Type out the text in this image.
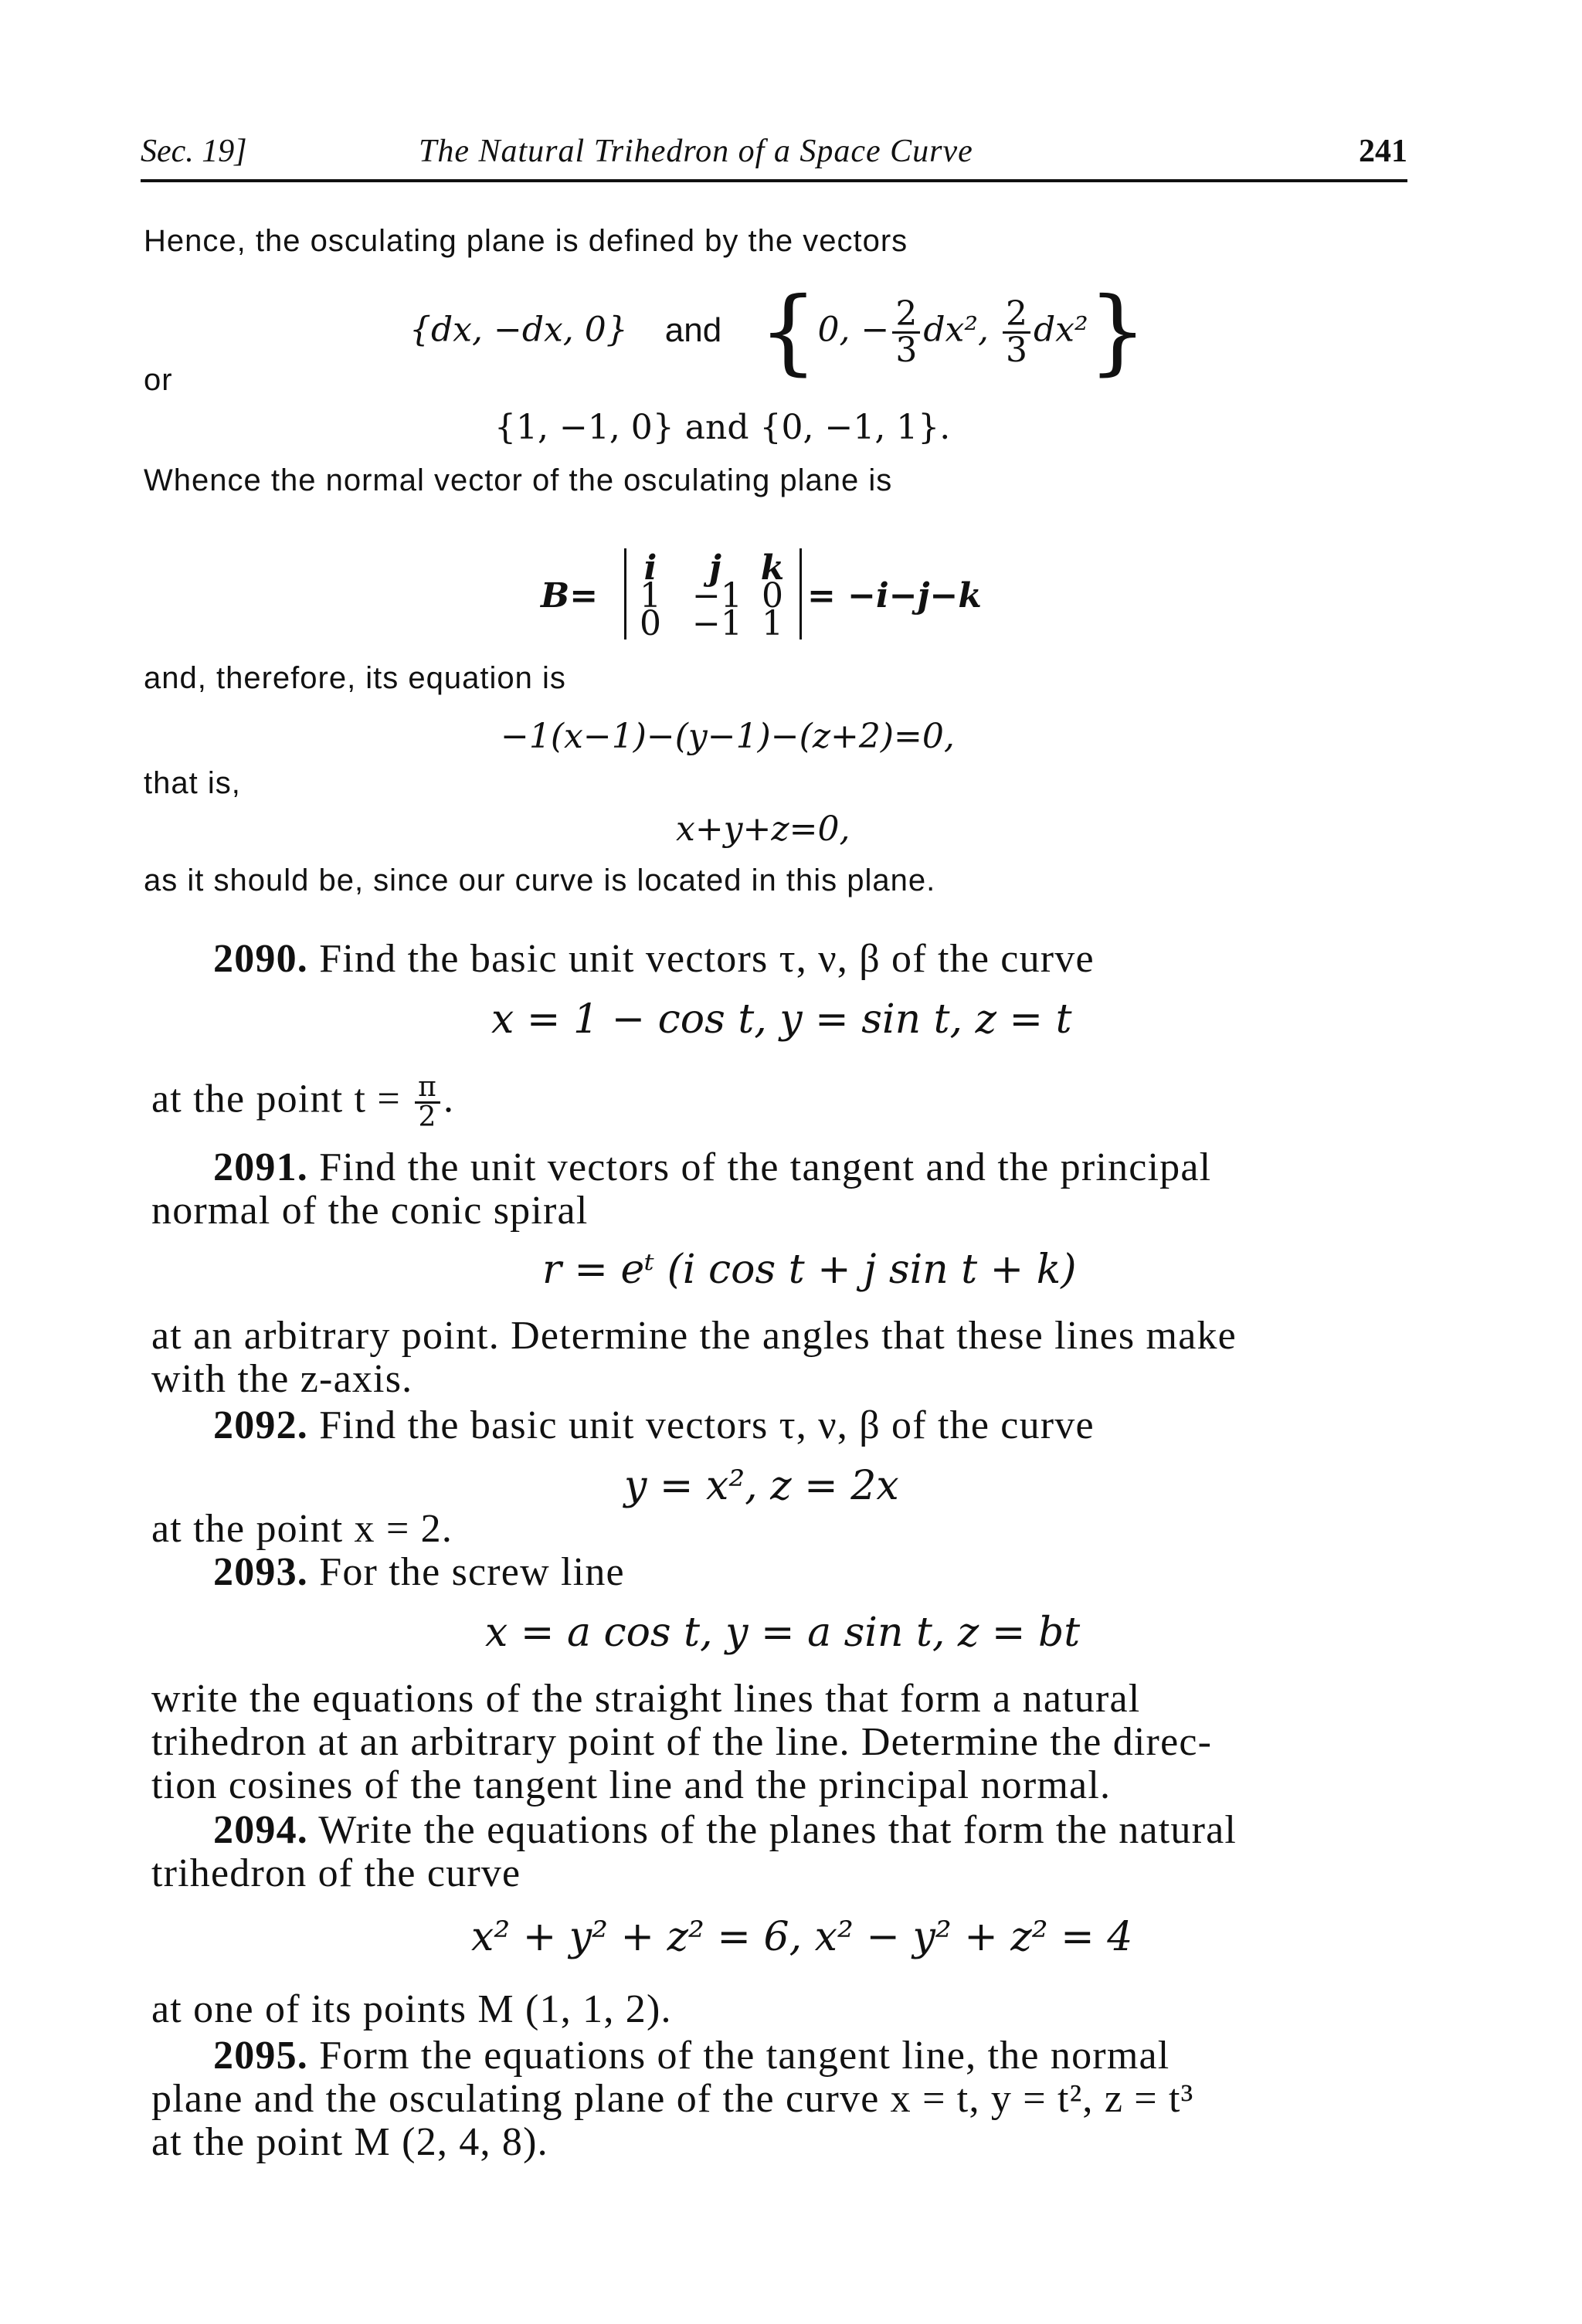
Sec. 19]	The Natural Trihedron of a Space Curve	241
Hence, the osculating plane is defined by the vectors
{dx, −dx, 0} and {0, − $\frac{2}{3} dx^2$, $\frac{2}{3} dx^2$}
or
{1, −1, 0} and {0, −1, 1}.
Whence the normal vector of the osculating plane is
B=
i	j	k
1 −1 0
0 −1 1
= −i−j−k
and, therefore, its equation is
−1(x−1)−(y−1)−(z+2)=0,
that is,
x+y+z=0,
as it should be, since our curve is located in this plane.
2090. Find the basic unit vectors τ, ν, β of the curve
x = 1 − cos t, y = sin t, z = t
at the point $t = \frac{\pi}{2}$ .
2091. Find the unit vectors of the tangent and the principal
normal of the conic spiral
r = eᵗ (i cos t + j sin t + k)
at an arbitrary point. Determine the angles that these lines make
with the z-axis.
2092. Find the basic unit vectors τ, ν, β of the curve
y = x², z = 2x
at the point x = 2.
2093. For the screw line
x = a cos t, y = a sin t, z = bt
write the equations of the straight lines that form a natural
trihedron at an arbitrary point of the line. Determine the direc-
tion cosines of the tangent line and the principal normal.
2094. Write the equations of the planes that form the natural
trihedron of the curve
x² + y² + z² = 6, x² − y² + z² = 4
at one of its points M (1, 1, 2).
2095. Form the equations of the tangent line, the normal
plane and the osculating plane of the curve x = t, y = t², z = t³
at the point M (2, 4, 8).
